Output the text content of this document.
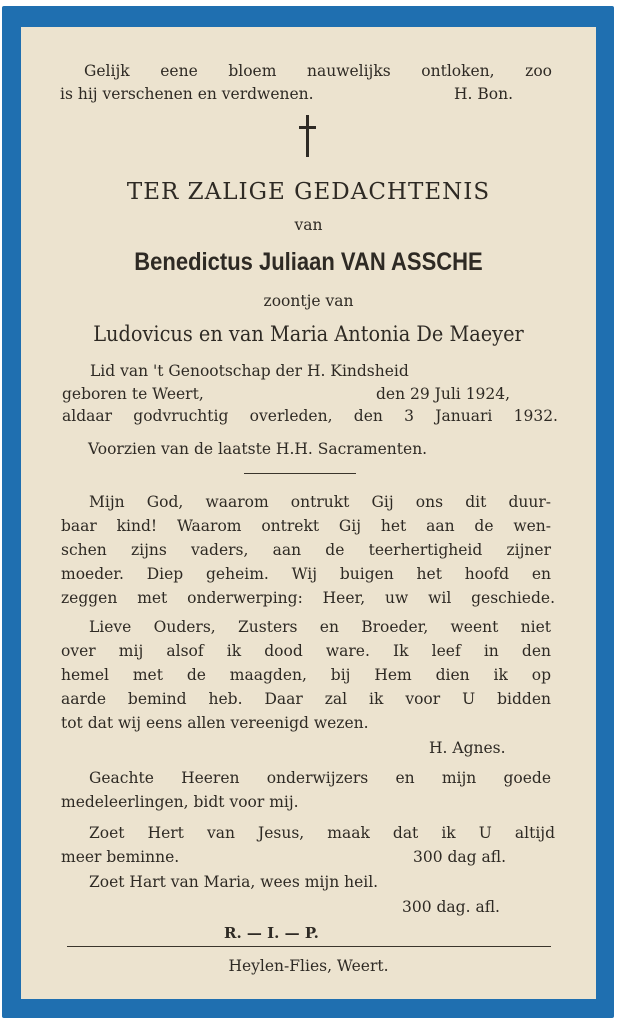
Gelijk eene bloem nauwelijks ontloken, zoo
is hij verschenen en verdwenen.	H. Bon.
TER ZALIGE GEDACHTENIS
van
Benedictus Juliaan VAN ASSCHE
zoontje van
Ludovicus en van Maria Antonia De Maeyer
Lid van 't Genootschap der H. Kindsheid
geboren te Weert,	den 29 Juli 1924,
aldaar godvruchtig overleden, den 3 Januari 1932.
Voorzien van de laatste H.H. Sacramenten.
Mijn God, waarom ontrukt Gij ons dit duur-
baar kind! Waarom ontrekt Gij het aan de wen-
schen zijns vaders, aan de teerhertigheid zijner
moeder. Diep geheim. Wij buigen het hoofd en
zeggen met onderwerping: Heer, uw wil geschiede.
Lieve Ouders, Zusters en Broeder, weent niet
over mij alsof ik dood ware. Ik leef in den
hemel met de maagden, bij Hem dien ik op
aarde bemind heb. Daar zal ik voor U bidden
tot dat wij eens allen vereenigd wezen.
H. Agnes.
Geachte Heeren onderwijzers en mijn goede
medeleerlingen, bidt voor mij.
Zoet Hert van Jesus, maak dat ik U altijd
meer beminne.	300 dag afl.
Zoet Hart van Maria, wees mijn heil.
300 dag. afl.
R. — I. — P.
Heylen-Flies, Weert.
